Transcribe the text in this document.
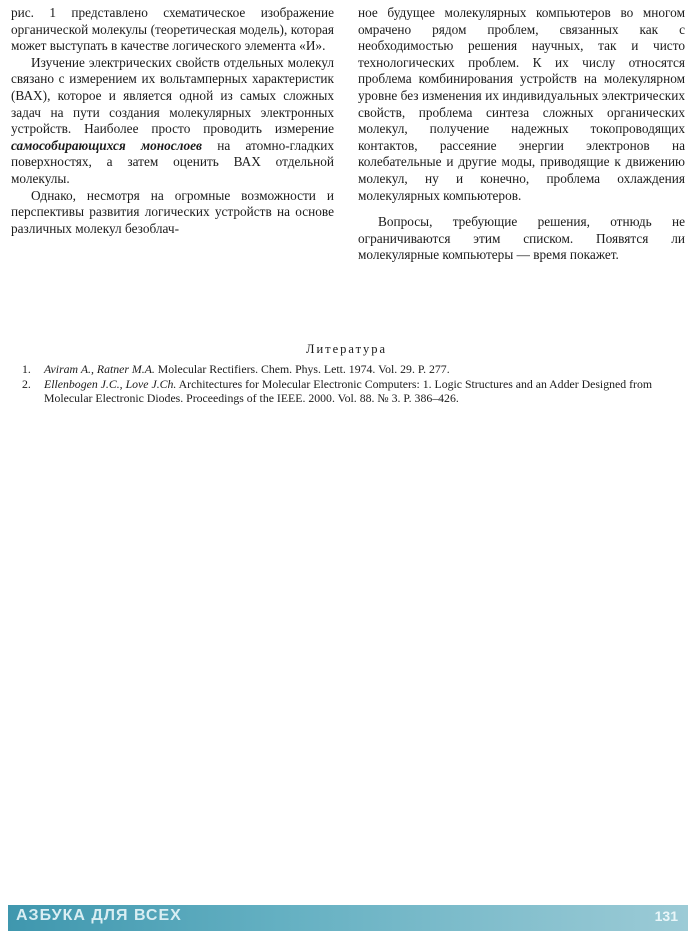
рис. 1 представлено схематическое изображение органической молекулы (теоретическая модель), которая может выступать в качестве логического элемента «И».

Изучение электрических свойств отдельных молекул связано с измерением их вольтамперных характеристик (ВАХ), которое и является одной из самых сложных задач на пути создания молекулярных электронных устройств. Наиболее просто проводить измерение самособирающихся монослоев на атомно-гладких поверхностях, а затем оценить ВАХ отдельной молекулы.

Однако, несмотря на огромные возможности и перспективы развития логических устройств на основе различных молекул безоблач-

ное будущее молекулярных компьютеров во многом омрачено рядом проблем, связанных как с необходимостью решения научных, так и чисто технологических проблем. К их числу относятся проблема комбинирования устройств на молекулярном уровне без изменения их индивидуальных электрических свойств, проблема синтеза сложных органических молекул, получение надежных токопроводящих контактов, рассеяние энергии электронов на колебательные и другие моды, приводящие к движению молекул, ну и конечно, проблема охлаждения молекулярных компьютеров.

Вопросы, требующие решения, отнюдь не ограничиваются этим списком. Появятся ли молекулярные компьютеры — время покажет.

Литература
1. Aviram A., Ratner M.A. Molecular Rectifiers. Chem. Phys. Lett. 1974. Vol. 29. P. 277.
2. Ellenbogen J.C., Love J.Ch. Architectures for Molecular Electronic Computers: 1. Logic Structures and an Adder Designed from Molecular Electronic Diodes. Proceedings of the IEEE. 2000. Vol. 88. № 3. P. 386–426.
АЗБУКА ДЛЯ ВСЕХ	131
